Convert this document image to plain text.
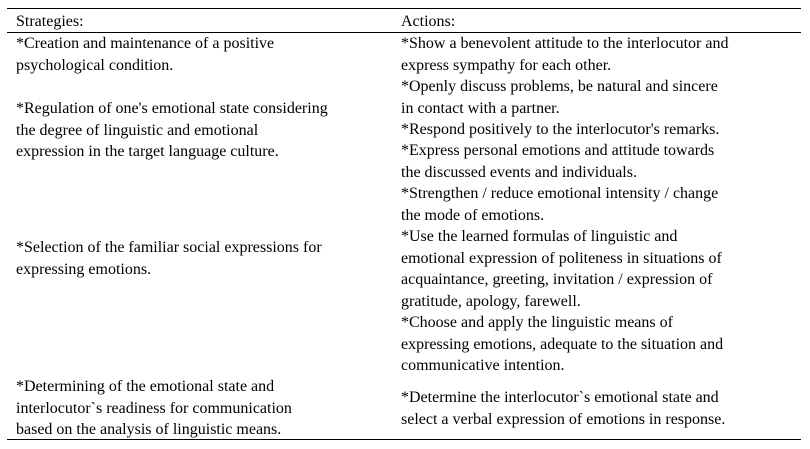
Strategies:	Actions:
*Creation and maintenance of a positive
psychological condition.
*Regulation of one's emotional state considering
the degree of linguistic and emotional
expression in the target language culture.
*Selection of the familiar social expressions for
expressing emotions.
*Determining of the emotional state and
interlocutor`s readiness for communication
based on the analysis of linguistic means.
*Show a benevolent attitude to the interlocutor and
express sympathy for each other.
*Openly discuss problems, be natural and sincere
in contact with a partner.
*Respond positively to the interlocutor's remarks.
*Express personal emotions and attitude towards
the discussed events and individuals.
*Strengthen / reduce emotional intensity / change
the mode of emotions.
*Use the learned formulas of linguistic and
emotional expression of politeness in situations of
acquaintance, greeting, invitation / expression of
gratitude, apology, farewell.
*Choose and apply the linguistic means of
expressing emotions, adequate to the situation and
communicative intention.
*Determine the interlocutor`s emotional state and
select a verbal expression of emotions in response.
